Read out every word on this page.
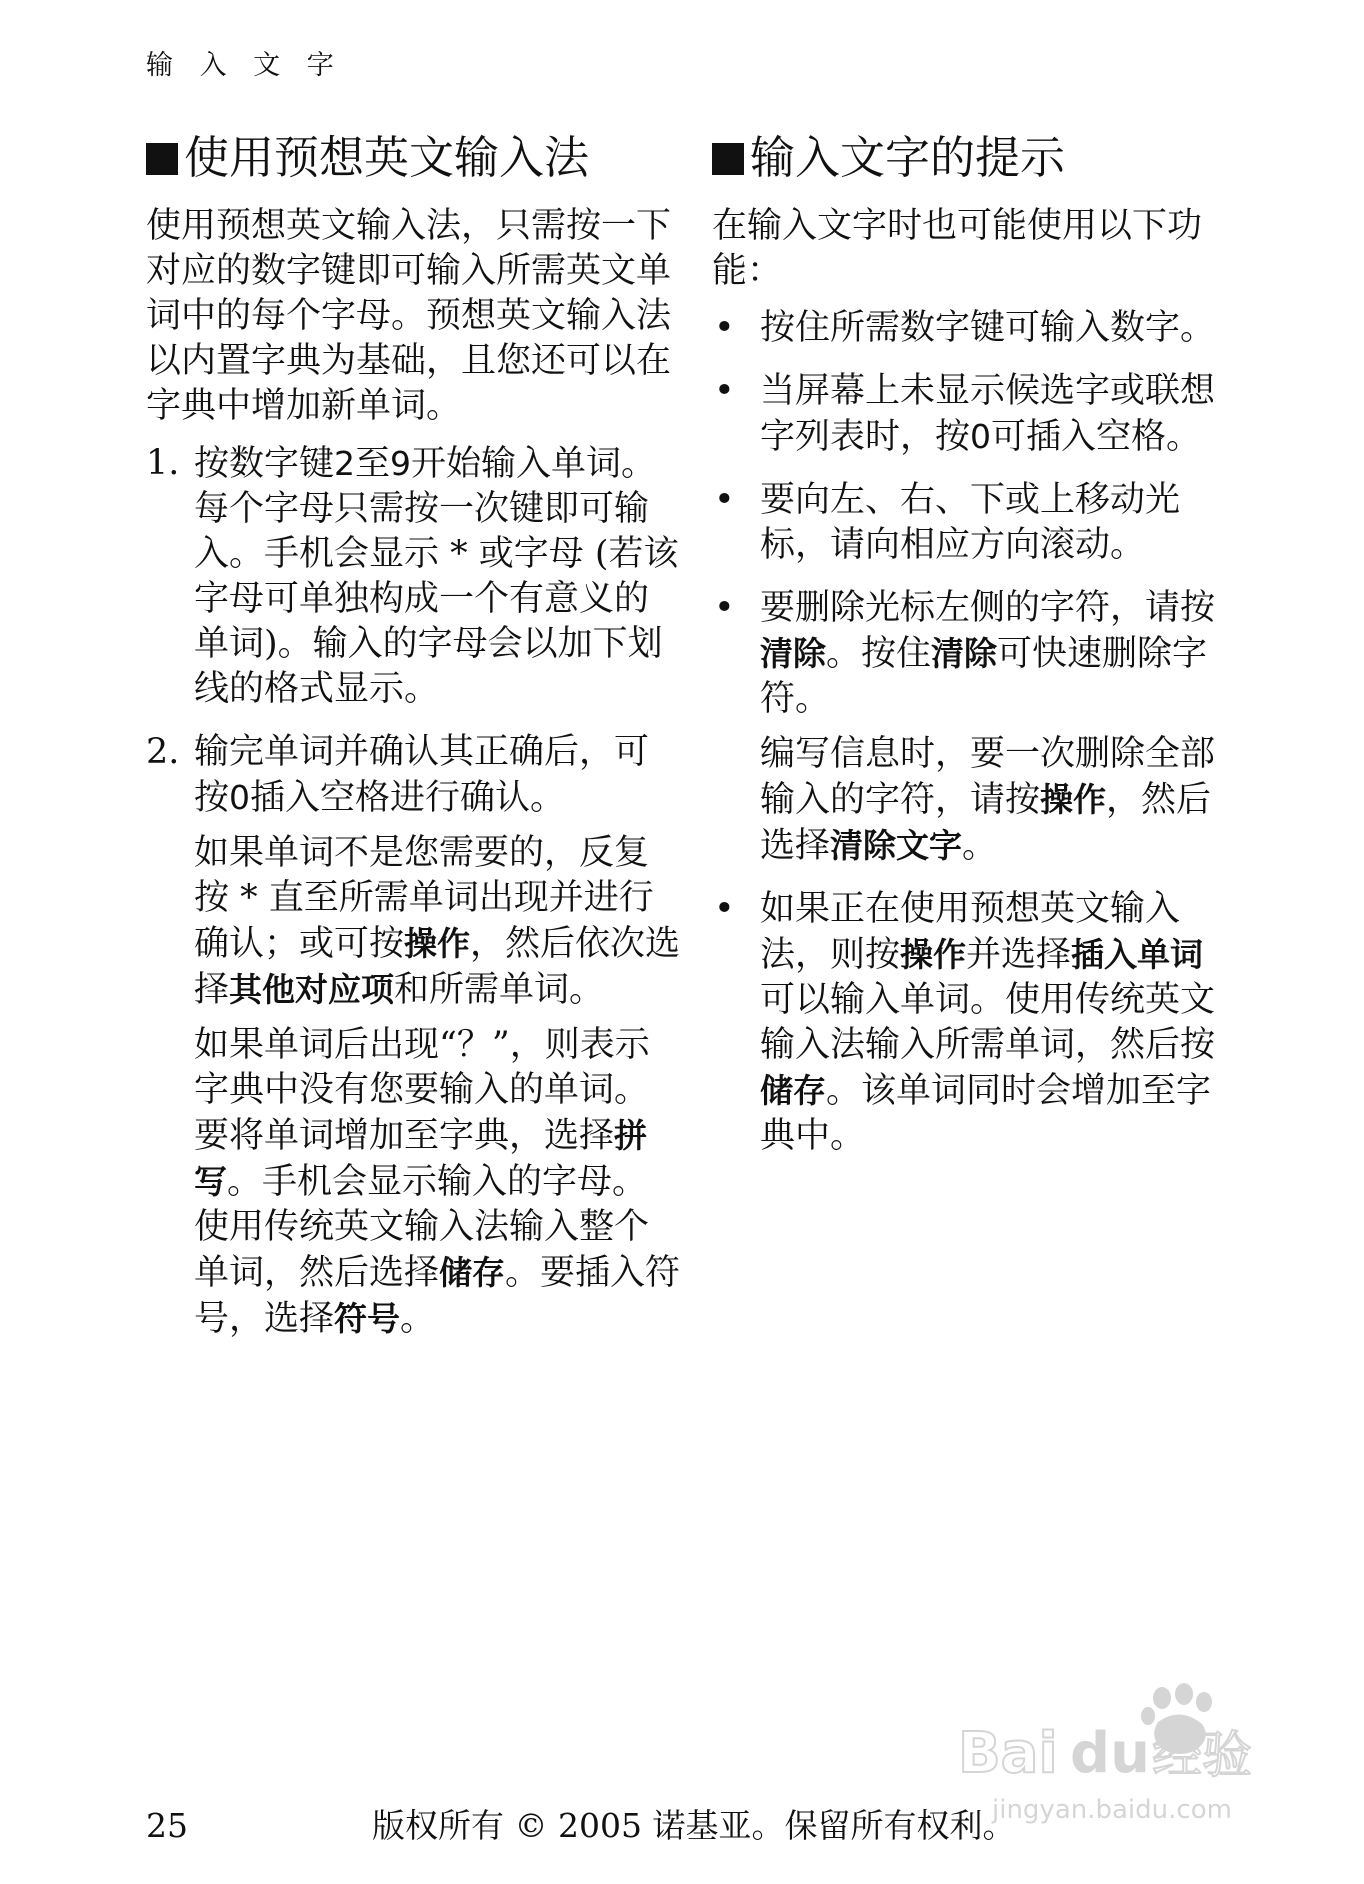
输 入 文 字
使用预想英文输入法

使用预想英文输入法，只需按一下对应的数字键即可输入所需英文单词中的每个字母。预想英文输入法以内置字典为基础，且您还可以在字典中增加新单词。

1. 按数字键2至9开始输入单词。每个字母只需按一次键即可输入。手机会显示 * 或字母 (若该字母可单独构成一个有意义的单词)。输入的字母会以加下划线的格式显示。
2. 输完单词并确认其正确后，可按0插入空格进行确认。

如果单词不是您需要的，反复按 * 直至所需单词出现并进行确认；或可按操作，然后依次选择其他对应项和所需单词。

如果单词后出现“？”，则表示字典中没有您要输入的单词。要将单词增加至字典，选择拼写。手机会显示输入的字母。使用传统英文输入法输入整个单词，然后选择储存。要插入符号，选择符号。

输入文字的提示

在输入文字时也可能使用以下功能：

• 按住所需数字键可输入数字。
• 当屏幕上未显示候选字或联想字列表时，按0可插入空格。
• 要向左、右、下或上移动光标，请向相应方向滚动。
• 要删除光标左侧的字符，请按清除。按住清除可快速删除字符。

编写信息时，要一次删除全部输入的字符，请按操作，然后选择清除文字。

• 如果正在使用预想英文输入法，则按操作并选择插入单词可以输入单词。使用传统英文输入法输入所需单词，然后按储存。该单词同时会增加至字典中。
Bai du 经验
jingyan.baidu.com
25	版权所有 © 2005 诺基亚。保留所有权利。
